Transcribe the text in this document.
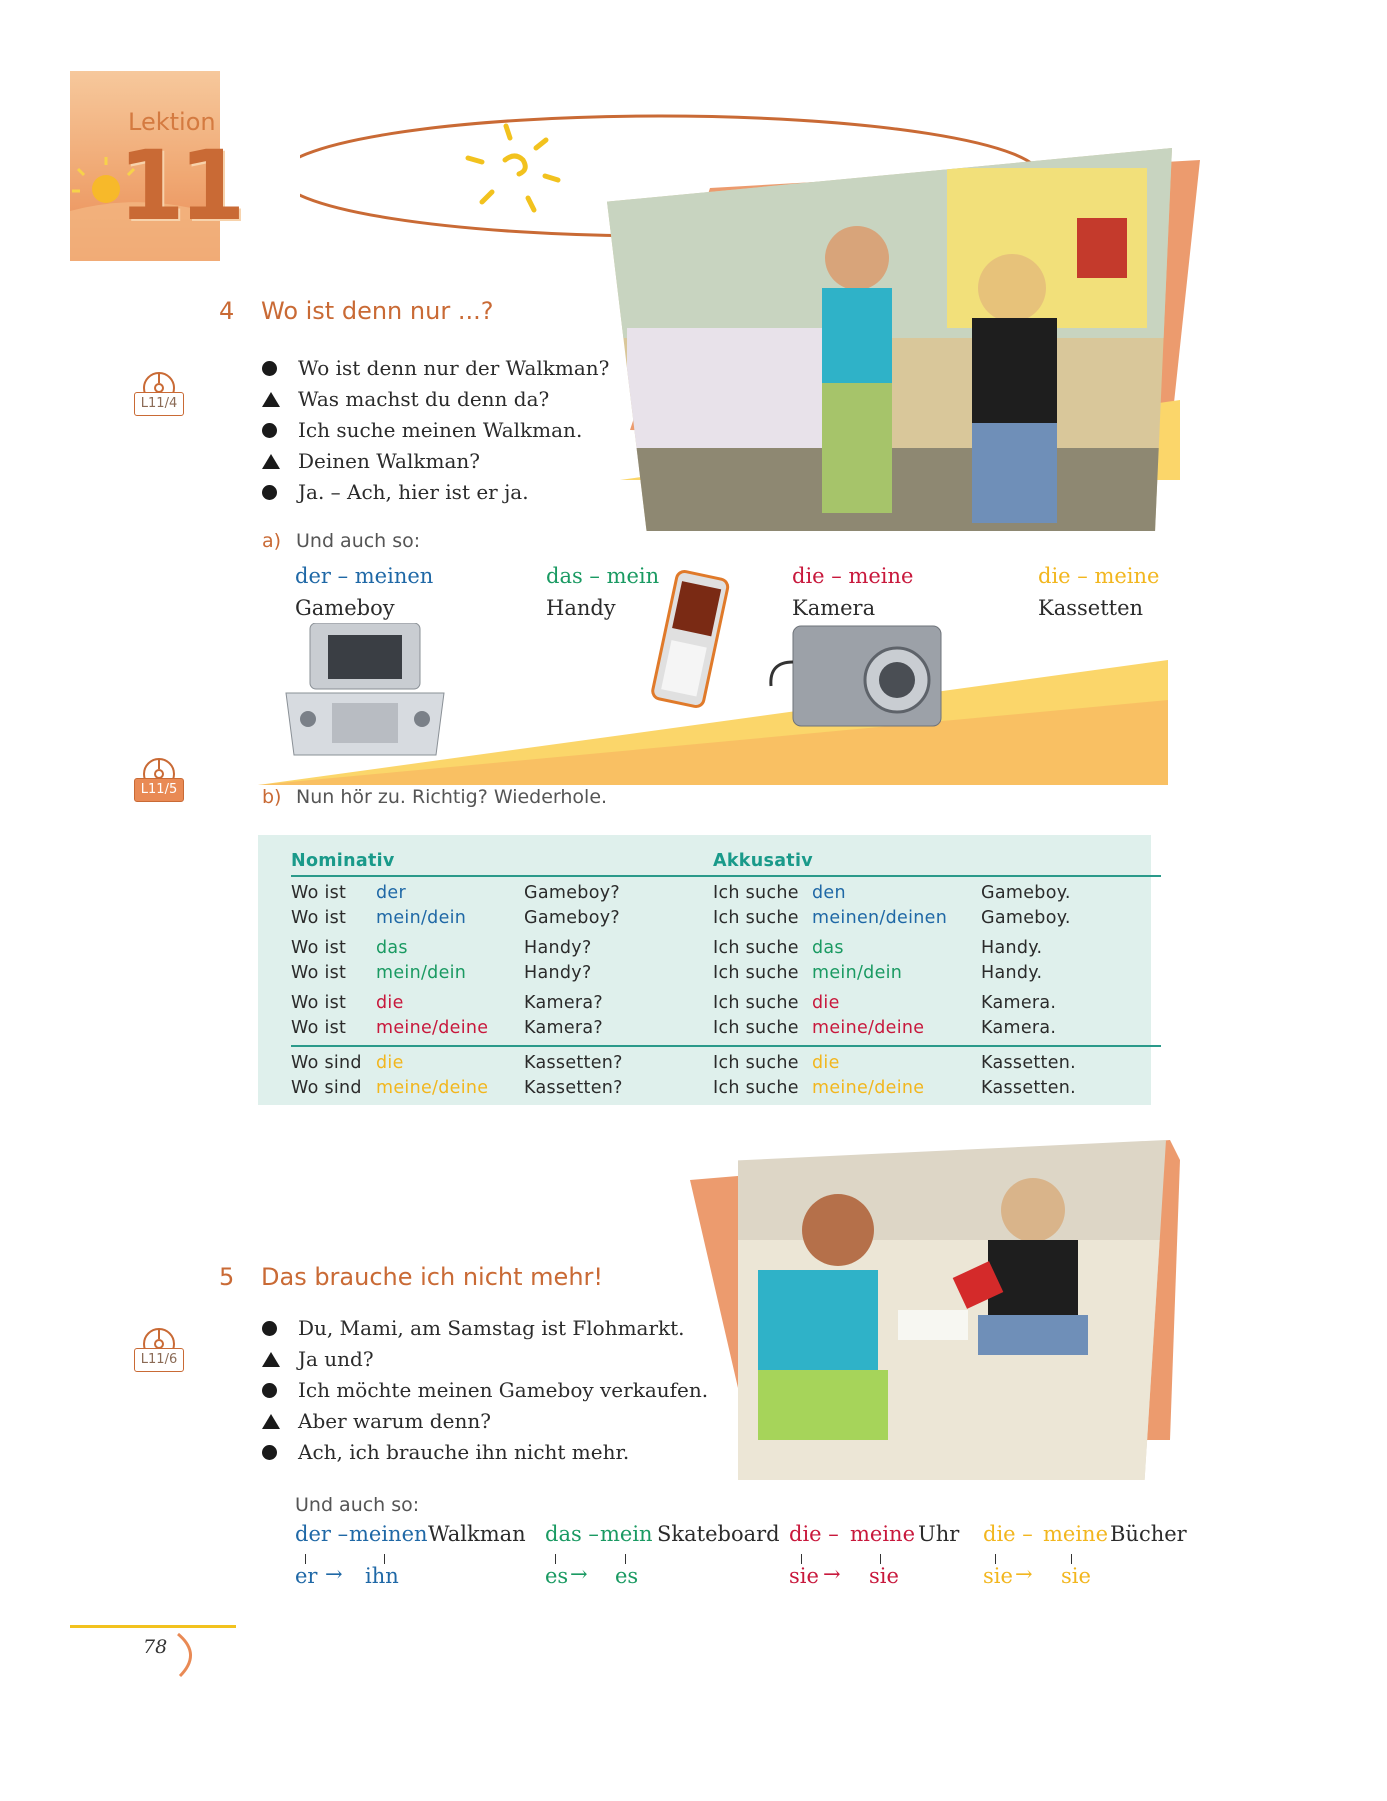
Lektion
11
4 Wo ist denn nur ...?
L11/4
Wo ist denn nur der Walkman?
Was machst du denn da?
Ich suche meinen Walkman.
Deinen Walkman?
Ja. – Ach, hier ist er ja.
a) Und auch so:
der – meinen
Gameboy
das – mein
Handy
die – meine
Kamera
die – meine
Kassetten
L11/5	b) Nun hör zu. Richtig? Wiederhole.
Nominativ	Akkusativ
Wo ist der	Gameboy?	Ich suche den	Gameboy.
Wo ist mein/dein	Gameboy?	Ich suche meinen/deinen Gameboy.
Wo ist das	Handy?	Ich suche das	Handy.
Wo ist mein/dein	Handy?	Ich suche mein/dein	Handy.
Wo ist die	Kamera?	Ich suche die	Kamera.
Wo ist meine/deine Kamera?	Ich suche meine/deine	Kamera.
Wo sind die	Kassetten?	Ich suche die	Kassetten.
Wo sind meine/deine Kassetten?	Ich suche meine/deine	Kassetten.
5 Das brauche ich nicht mehr!
L11/6
Du, Mami, am Samstag ist Flohmarkt.
Ja und?
Ich möchte meinen Gameboy verkaufen.
Aber warum denn?
Ach, ich brauche ihn nicht mehr.
Und auch so:
der – meinen Walkman
er → ihn
das – mein Skateboard
es → es
die – meine Uhr
sie → sie
die – meine Bücher
sie → sie
78
